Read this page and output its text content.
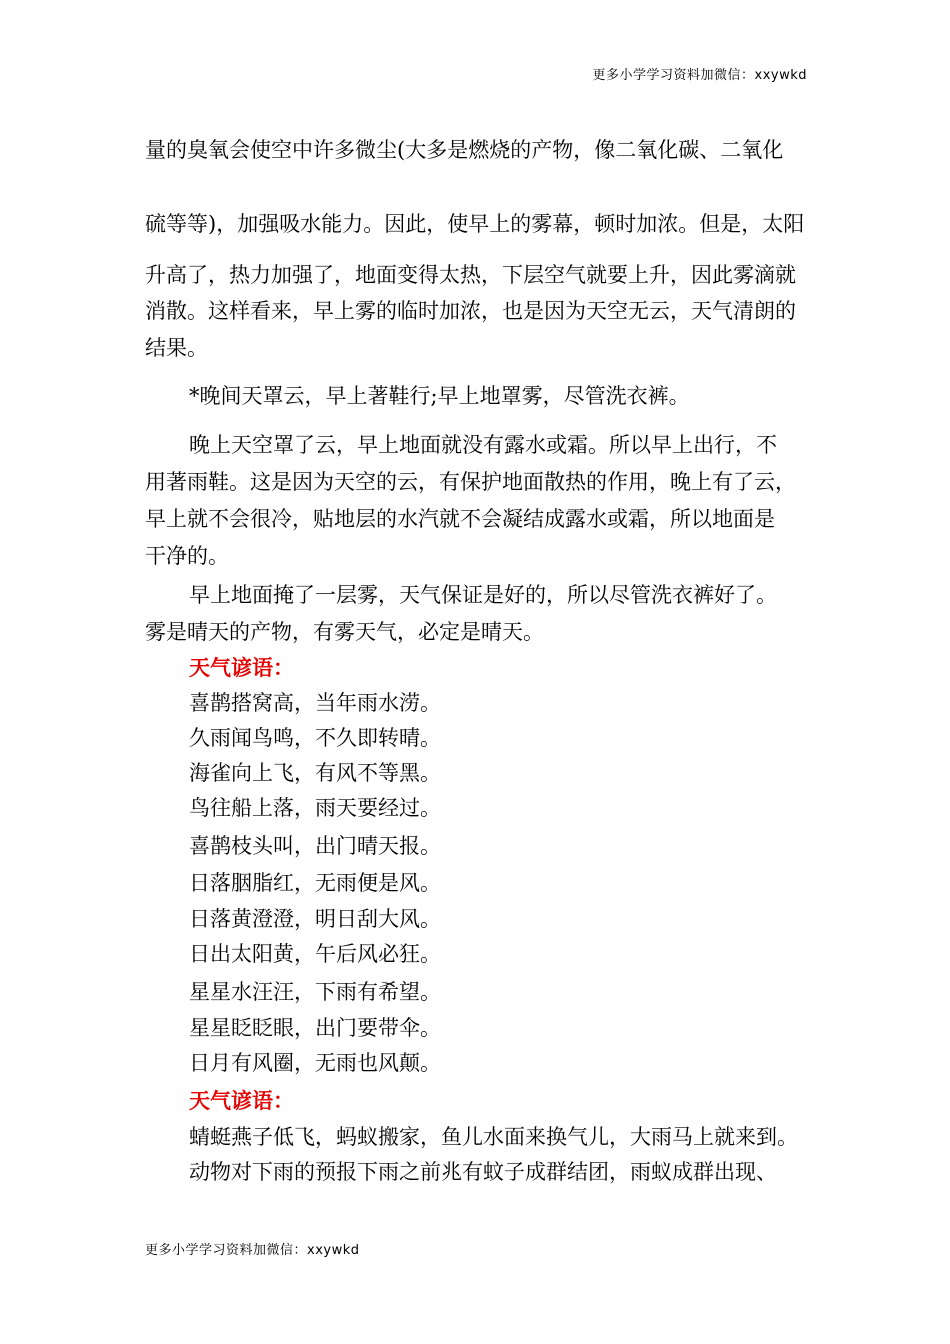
更多小学学习资料加微信：xxywkd
量的臭氧会使空中许多微尘(大多是燃烧的产物，像二氧化碳、二氧化
硫等等)，加强吸水能力。因此，使早上的雾幕，顿时加浓。但是，太阳
升高了，热力加强了，地面变得太热，下层空气就要上升，因此雾滴就
消散。这样看来，早上雾的临时加浓，也是因为天空无云，天气清朗的
结果。
*晚间天罩云，早上著鞋行;早上地罩雾，尽管洗衣裤。
晚上天空罩了云，早上地面就没有露水或霜。所以早上出行，不
用著雨鞋。这是因为天空的云，有保护地面散热的作用，晚上有了云，
早上就不会很冷，贴地层的水汽就不会凝结成露水或霜，所以地面是
干净的。
早上地面掩了一层雾，天气保证是好的，所以尽管洗衣裤好了。
雾是晴天的产物，有雾天气，必定是晴天。
天气谚语：
喜鹊搭窝高，当年雨水涝。
久雨闻鸟鸣，不久即转晴。
海雀向上飞，有风不等黑。
鸟往船上落，雨天要经过。
喜鹊枝头叫，出门晴天报。
日落胭脂红，无雨便是风。
日落黄澄澄，明日刮大风。
日出太阳黄，午后风必狂。
星星水汪汪，下雨有希望。
星星眨眨眼，出门要带伞。
日月有风圈，无雨也风颠。
天气谚语：
蜻蜓燕子低飞，蚂蚁搬家，鱼儿水面来换气儿，大雨马上就来到。
动物对下雨的预报下雨之前兆有蚊子成群结团，雨蚁成群出现、
更多小学学习资料加微信：xxywkd
